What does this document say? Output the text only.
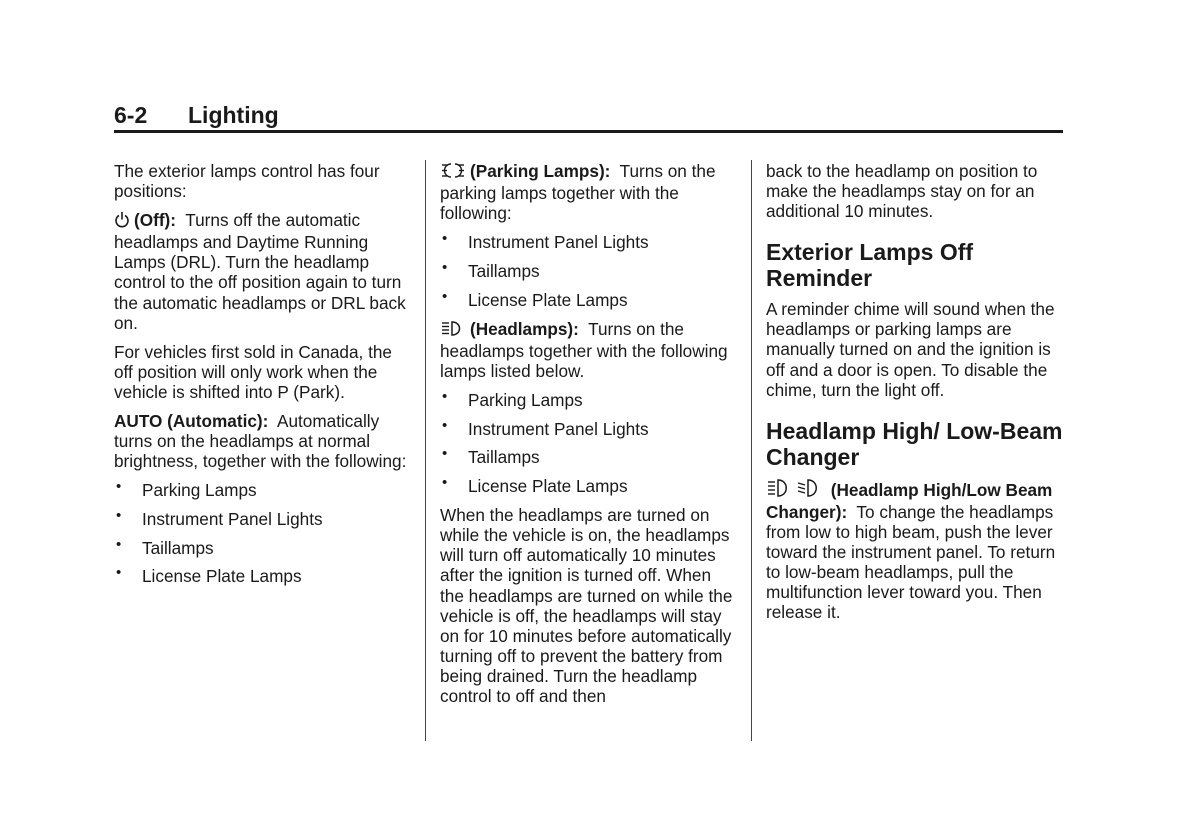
6-2 Lighting

The exterior lamps control has four positions:

(Off): Turns off the automatic headlamps and Daytime Running Lamps (DRL). Turn the headlamp control to the off position again to turn the automatic headlamps or DRL back on.

For vehicles first sold in Canada, the off position will only work when the vehicle is shifted into P (Park).

AUTO (Automatic): Automatically turns on the headlamps at normal brightness, together with the following:

• Parking Lamps
• Instrument Panel Lights
• Taillamps
• License Plate Lamps

(Parking Lamps): Turns on the parking lamps together with the following:

• Instrument Panel Lights
• Taillamps
• License Plate Lamps

(Headlamps): Turns on the headlamps together with the following lamps listed below.

• Parking Lamps
• Instrument Panel Lights
• Taillamps
• License Plate Lamps

When the headlamps are turned on while the vehicle is on, the headlamps will turn off automatically 10 minutes after the ignition is turned off. When the headlamps are turned on while the vehicle is off, the headlamps will stay on for 10 minutes before automatically turning off to prevent the battery from being drained. Turn the headlamp control to off and then

back to the headlamp on position to make the headlamps stay on for an additional 10 minutes.

Exterior Lamps Off Reminder

A reminder chime will sound when the headlamps or parking lamps are manually turned on and the ignition is off and a door is open. To disable the chime, turn the light off.

Headlamp High/ Low-Beam Changer

(Headlamp High/Low Beam Changer): To change the headlamps from low to high beam, push the lever toward the instrument panel. To return to low-beam headlamps, pull the multifunction lever toward you. Then release it.
